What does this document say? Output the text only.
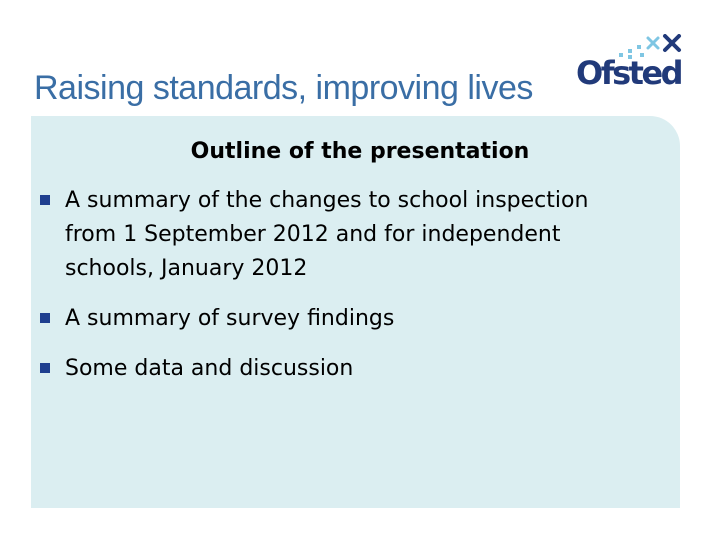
Raising standards, improving lives Ofsted
Outline of the presentation
A summary of the changes to school inspection
from 1 September 2012 and for independent
schools, January 2012
A summary of survey findings
Some data and discussion
